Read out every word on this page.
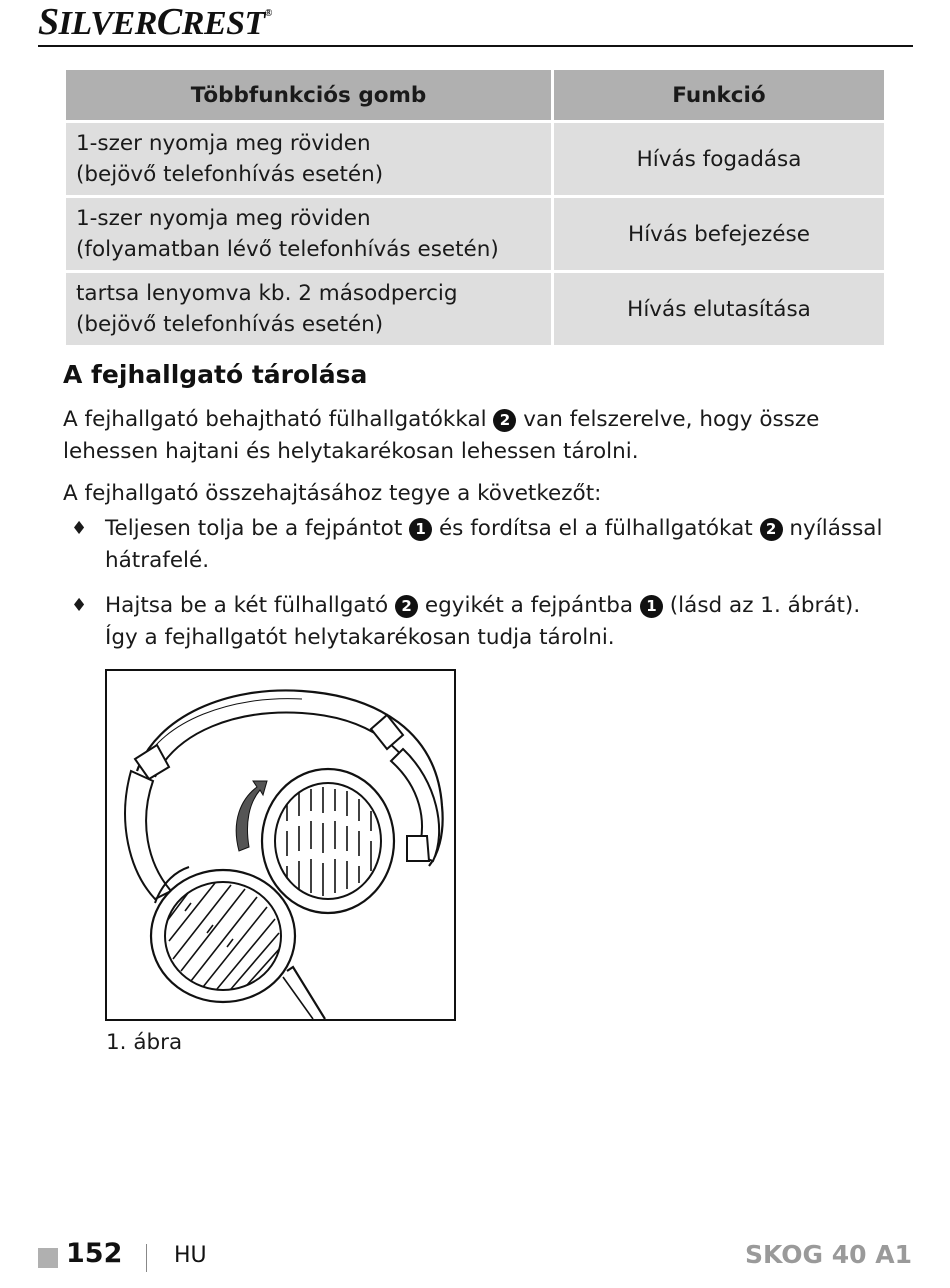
SILVERCREST®
Többfunkciós gomb	Funkció
1-szer nyomja meg röviden
(bejövő telefonhívás esetén)	Hívás fogadása
1-szer nyomja meg röviden
(folyamatban lévő telefonhívás esetén)	Hívás befejezése
tartsa lenyomva kb. 2 másodpercig
(bejövő telefonhívás esetén)	Hívás elutasítása
A fejhallgató tárolása

A fejhallgató behajtható fülhallgatókkal 2 van felszerelve, hogy össze lehessen hajtani és helytakarékosan lehessen tárolni.

A fejhallgató összehajtásához tegye a következőt:

♦ Teljesen tolja be a fejpántot 1 és fordítsa el a fülhallgatókat 2 nyílással hátrafelé.
♦ Hajtsa be a két fülhallgató 2 egyikét a fejpántba 1 (lásd az 1. ábrát). Így a fejhallgatót helytakarékosan tudja tárolni.
1. ábra
152 HU	SKOG 40 A1
